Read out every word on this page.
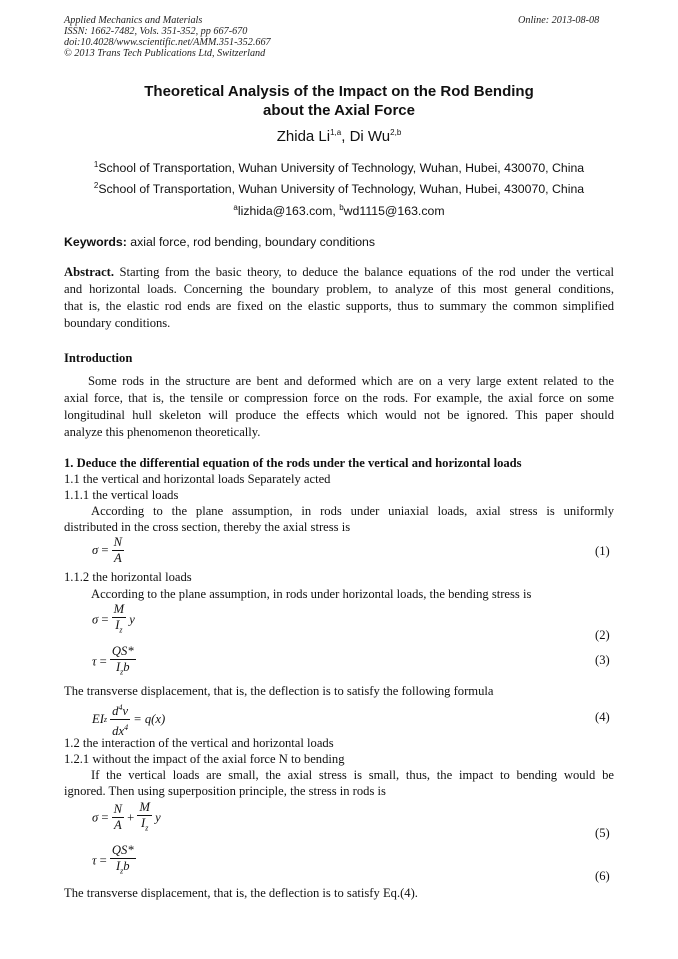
Applied Mechanics and Materials
ISSN: 1662-7482, Vols. 351-352, pp 667-670
doi:10.4028/www.scientific.net/AMM.351-352.667
© 2013 Trans Tech Publications Ltd, Switzerland
Online: 2013-08-08
Theoretical Analysis of the Impact on the Rod Bending
about the Axial Force
Zhida Li$^{1,a}$, Di Wu$^{2,b}$
$^1$School of Transportation, Wuhan University of Technology, Wuhan, Hubei, 430070, China
$^2$School of Transportation, Wuhan University of Technology, Wuhan, Hubei, 430070, China
$^a$lizhida@163.com, $^b$wd1115@163.com
Keywords: axial force, rod bending, boundary conditions
Abstract. Starting from the basic theory, to deduce the balance equations of the rod under the vertical
and horizontal loads. Concerning the boundary problem, to analyze of this most general conditions,
that is, the elastic rod ends are fixed on the elastic supports, thus to summary the common simplified
boundary conditions.
Introduction
Some rods in the structure are bent and deformed which are on a very large extent related to the
axial force, that is, the tensile or compression force on the rods. For example, the axial force on some
longitudinal hull skeleton will produce the effects which would not be ignored. This paper should
analyze this phenomenon theoretically.
1. Deduce the differential equation of the rods under the vertical and horizontal loads
1.1 the vertical and horizontal loads Separately acted
1.1.1 the vertical loads
According to the plane assumption, in rods under uniaxial loads, axial stress is uniformly
distributed in the cross section, thereby the axial stress is
$\sigma = \frac{N}{A}$	(1)
1.1.2 the horizontal loads
According to the plane assumption, in rods under horizontal loads, the bending stress is
$\sigma = \frac{M}{I_z}$ y
(2)
$\tau = \frac{QS*}{I_zb}$	(3)
The transverse displacement, that is, the deflection is to satisfy the following formula
EIz $\frac{d^4v}{dx^4} = q(x)$	(4)
1.2 the interaction of the vertical and horizontal loads
1.2.1 without the impact of the axial force N to bending
If the vertical loads are small, the axial stress is small, thus, the impact to bending would be
ignored. Then using superposition principle, the stress in rods is
$\sigma = \frac{N}{A} + \frac{M}{I_z}$ y
(5)
$\tau = \frac{QS*}{I_zb}$	(6)
The transverse displacement, that is, the deflection is to satisfy Eq.(4).
